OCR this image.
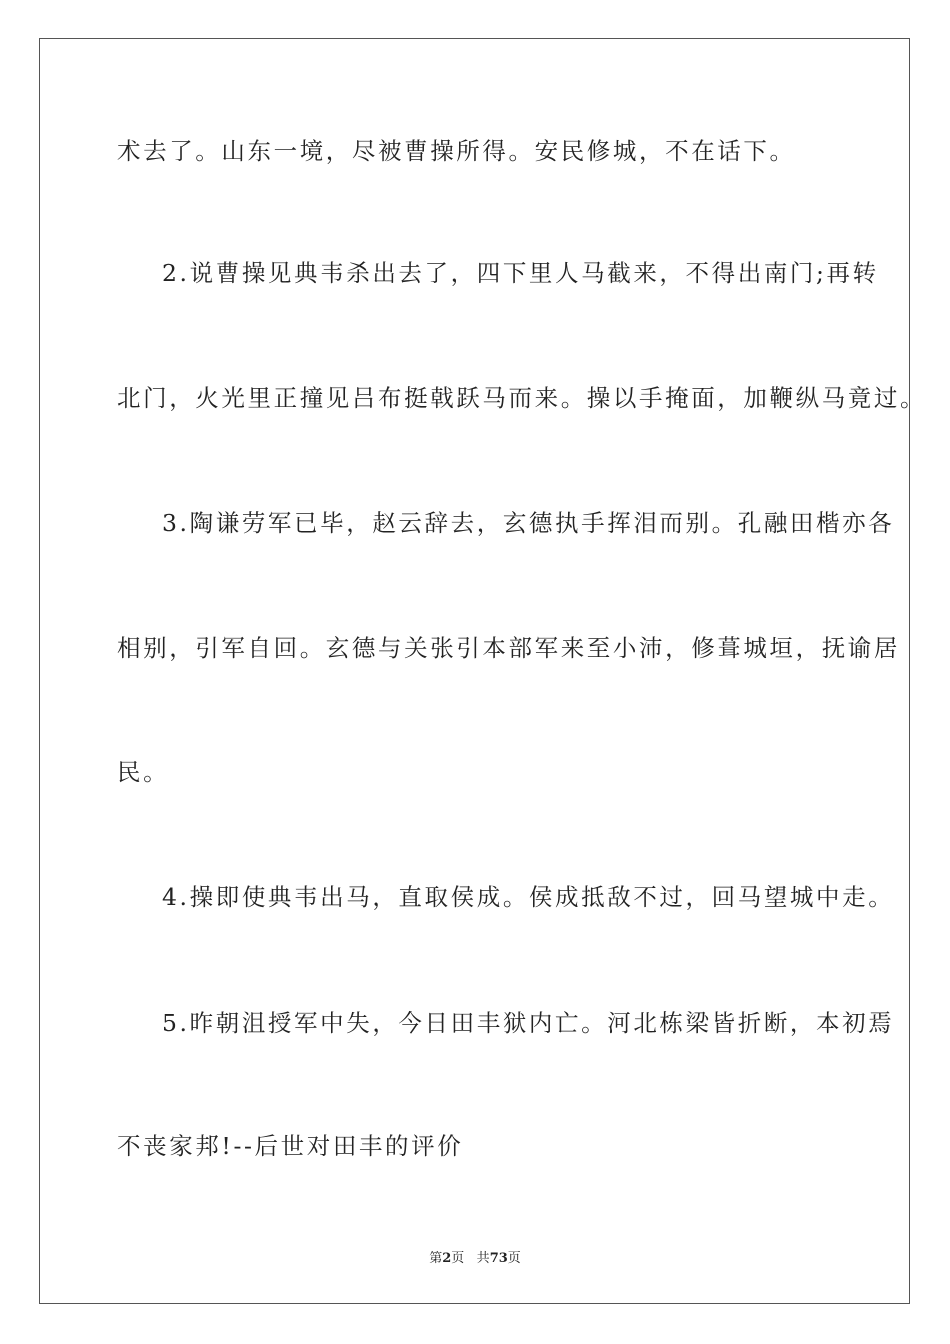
术去了。山东一境，尽被曹操所得。安民修城，不在话下。
2.说曹操见典韦杀出去了，四下里人马截来，不得出南门;再转
北门，火光里正撞见吕布挺戟跃马而来。操以手掩面，加鞭纵马竟过。
3.陶谦劳军已毕，赵云辞去，玄德执手挥泪而别。孔融田楷亦各
相别，引军自回。玄德与关张引本部军来至小沛，修葺城垣，抚谕居
民。
4.操即使典韦出马，直取侯成。侯成抵敌不过，回马望城中走。
5.昨朝沮授军中失，今日田丰狱内亡。河北栋梁皆折断，本初焉
不丧家邦!--后世对田丰的评价
第2页 共73页
